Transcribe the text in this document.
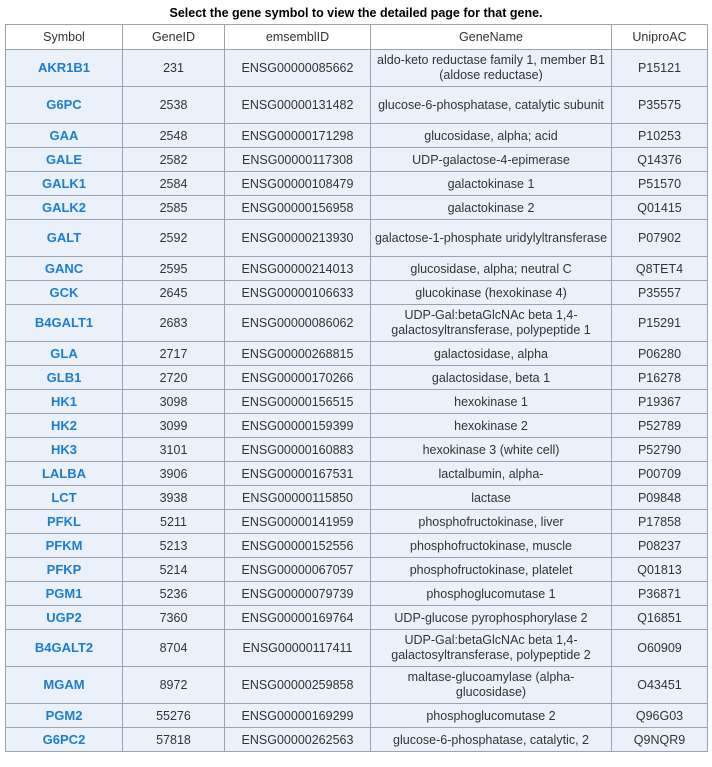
Select the gene symbol to view the detailed page for that gene.
Symbol	GeneID	emsemblID	GeneName	UniproAC
AKR1B1	231	ENSG00000085662	aldo-keto reductase family 1, member B1 (aldose reductase)	P15121
G6PC	2538	ENSG00000131482	glucose-6-phosphatase, catalytic subunit	P35575
GAA	2548	ENSG00000171298	glucosidase, alpha; acid	P10253
GALE	2582	ENSG00000117308	UDP-galactose-4-epimerase	Q14376
GALK1	2584	ENSG00000108479	galactokinase 1	P51570
GALK2	2585	ENSG00000156958	galactokinase 2	Q01415
GALT	2592	ENSG00000213930	galactose-1-phosphate uridylyltransferase	P07902
GANC	2595	ENSG00000214013	glucosidase, alpha; neutral C	Q8TET4
GCK	2645	ENSG00000106633	glucokinase (hexokinase 4)	P35557
B4GALT1	2683	ENSG00000086062	UDP-Gal:betaGlcNAc beta 1,4-galactosyltransferase, polypeptide 1	P15291
GLA	2717	ENSG00000268815	galactosidase, alpha	P06280
GLB1	2720	ENSG00000170266	galactosidase, beta 1	P16278
HK1	3098	ENSG00000156515	hexokinase 1	P19367
HK2	3099	ENSG00000159399	hexokinase 2	P52789
HK3	3101	ENSG00000160883	hexokinase 3 (white cell)	P52790
LALBA	3906	ENSG00000167531	lactalbumin, alpha-	P00709
LCT	3938	ENSG00000115850	lactase	P09848
PFKL	5211	ENSG00000141959	phosphofructokinase, liver	P17858
PFKM	5213	ENSG00000152556	phosphofructokinase, muscle	P08237
PFKP	5214	ENSG00000067057	phosphofructokinase, platelet	Q01813
PGM1	5236	ENSG00000079739	phosphoglucomutase 1	P36871
UGP2	7360	ENSG00000169764	UDP-glucose pyrophosphorylase 2	Q16851
B4GALT2	8704	ENSG00000117411	UDP-Gal:betaGlcNAc beta 1,4-galactosyltransferase, polypeptide 2	O60909
MGAM	8972	ENSG00000259858	maltase-glucoamylase (alpha-glucosidase)	O43451
PGM2	55276	ENSG00000169299	phosphoglucomutase 2	Q96G03
G6PC2	57818	ENSG00000262563	glucose-6-phosphatase, catalytic, 2	Q9NQR9
